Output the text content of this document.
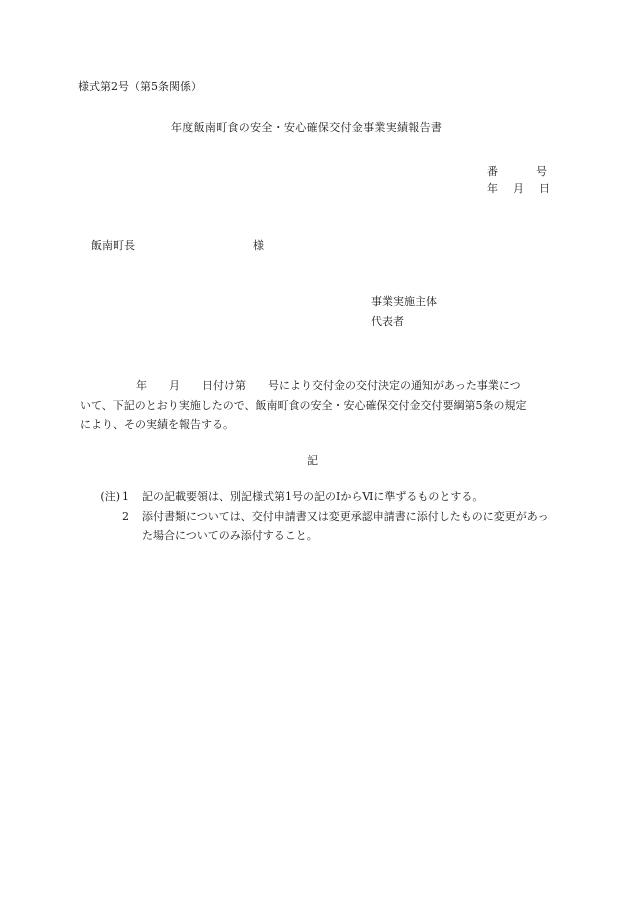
様式第2号（第5条関係）
年度飯南町食の安全・安心確保交付金事業実績報告書
番	号
年 月 日
飯南町長	様
事業実施主体
代表者

年　　月　　日付け第　　号により交付金の交付決定の通知があった事業につ

いて、下記のとおり実施したので、飯南町食の安全・安心確保交付金交付要綱第5条の規定

により、その実績を報告する。

記
(注) 1	記の記載要領は、別記様式第1号の記のⅠからⅥに準ずるものとする。
2	添付書類については、交付申請書又は変更承認申請書に添付したものに変更があった場合についてのみ添付すること。
